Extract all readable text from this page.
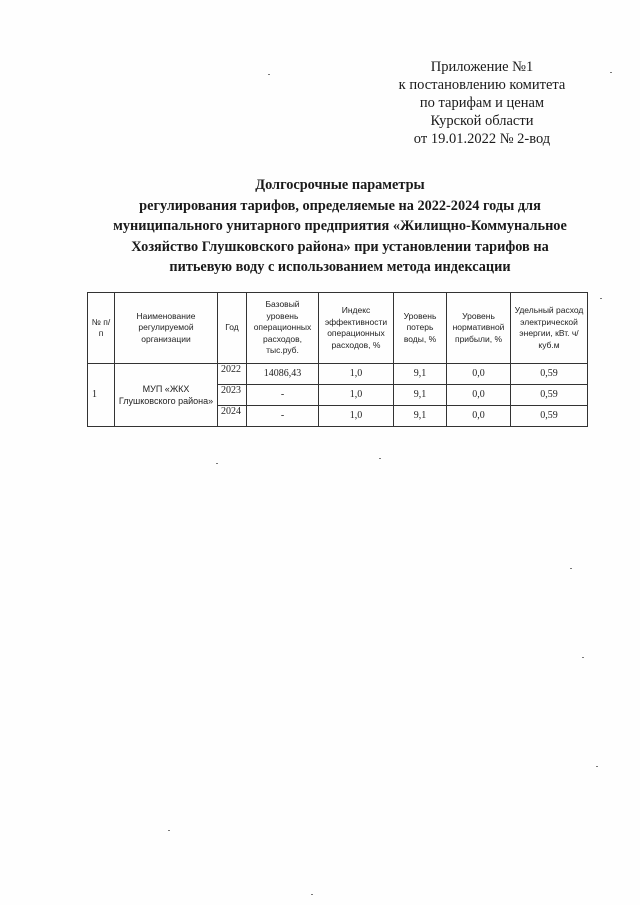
Приложение №1
к постановлению комитета
по тарифам и ценам
Курской области
от 19.01.2022 № 2-вод
Долгосрочные параметры
регулирования тарифов, определяемые на 2022-2024 годы для
муниципального унитарного предприятия «Жилищно-Коммунальное
Хозяйство Глушковского района» при установлении тарифов на
питьевую воду с использованием метода индексации
№ п/п	Наименование регулируемой организации	Год	Базовый уровень операционных расходов, тыс.руб.	Индекс эффективности операционных расходов, %	Уровень потерь воды, %	Уровень нормативной прибыли, %	Удельный расход электрической энергии, кВт. ч/куб.м
1	МУП «ЖКХ Глушковского района»	2022	14086,43	1,0	9,1	0,0	0,59
		2023	-	1,0	9,1	0,0	0,59
		2024	-	1,0	9,1	0,0	0,59
